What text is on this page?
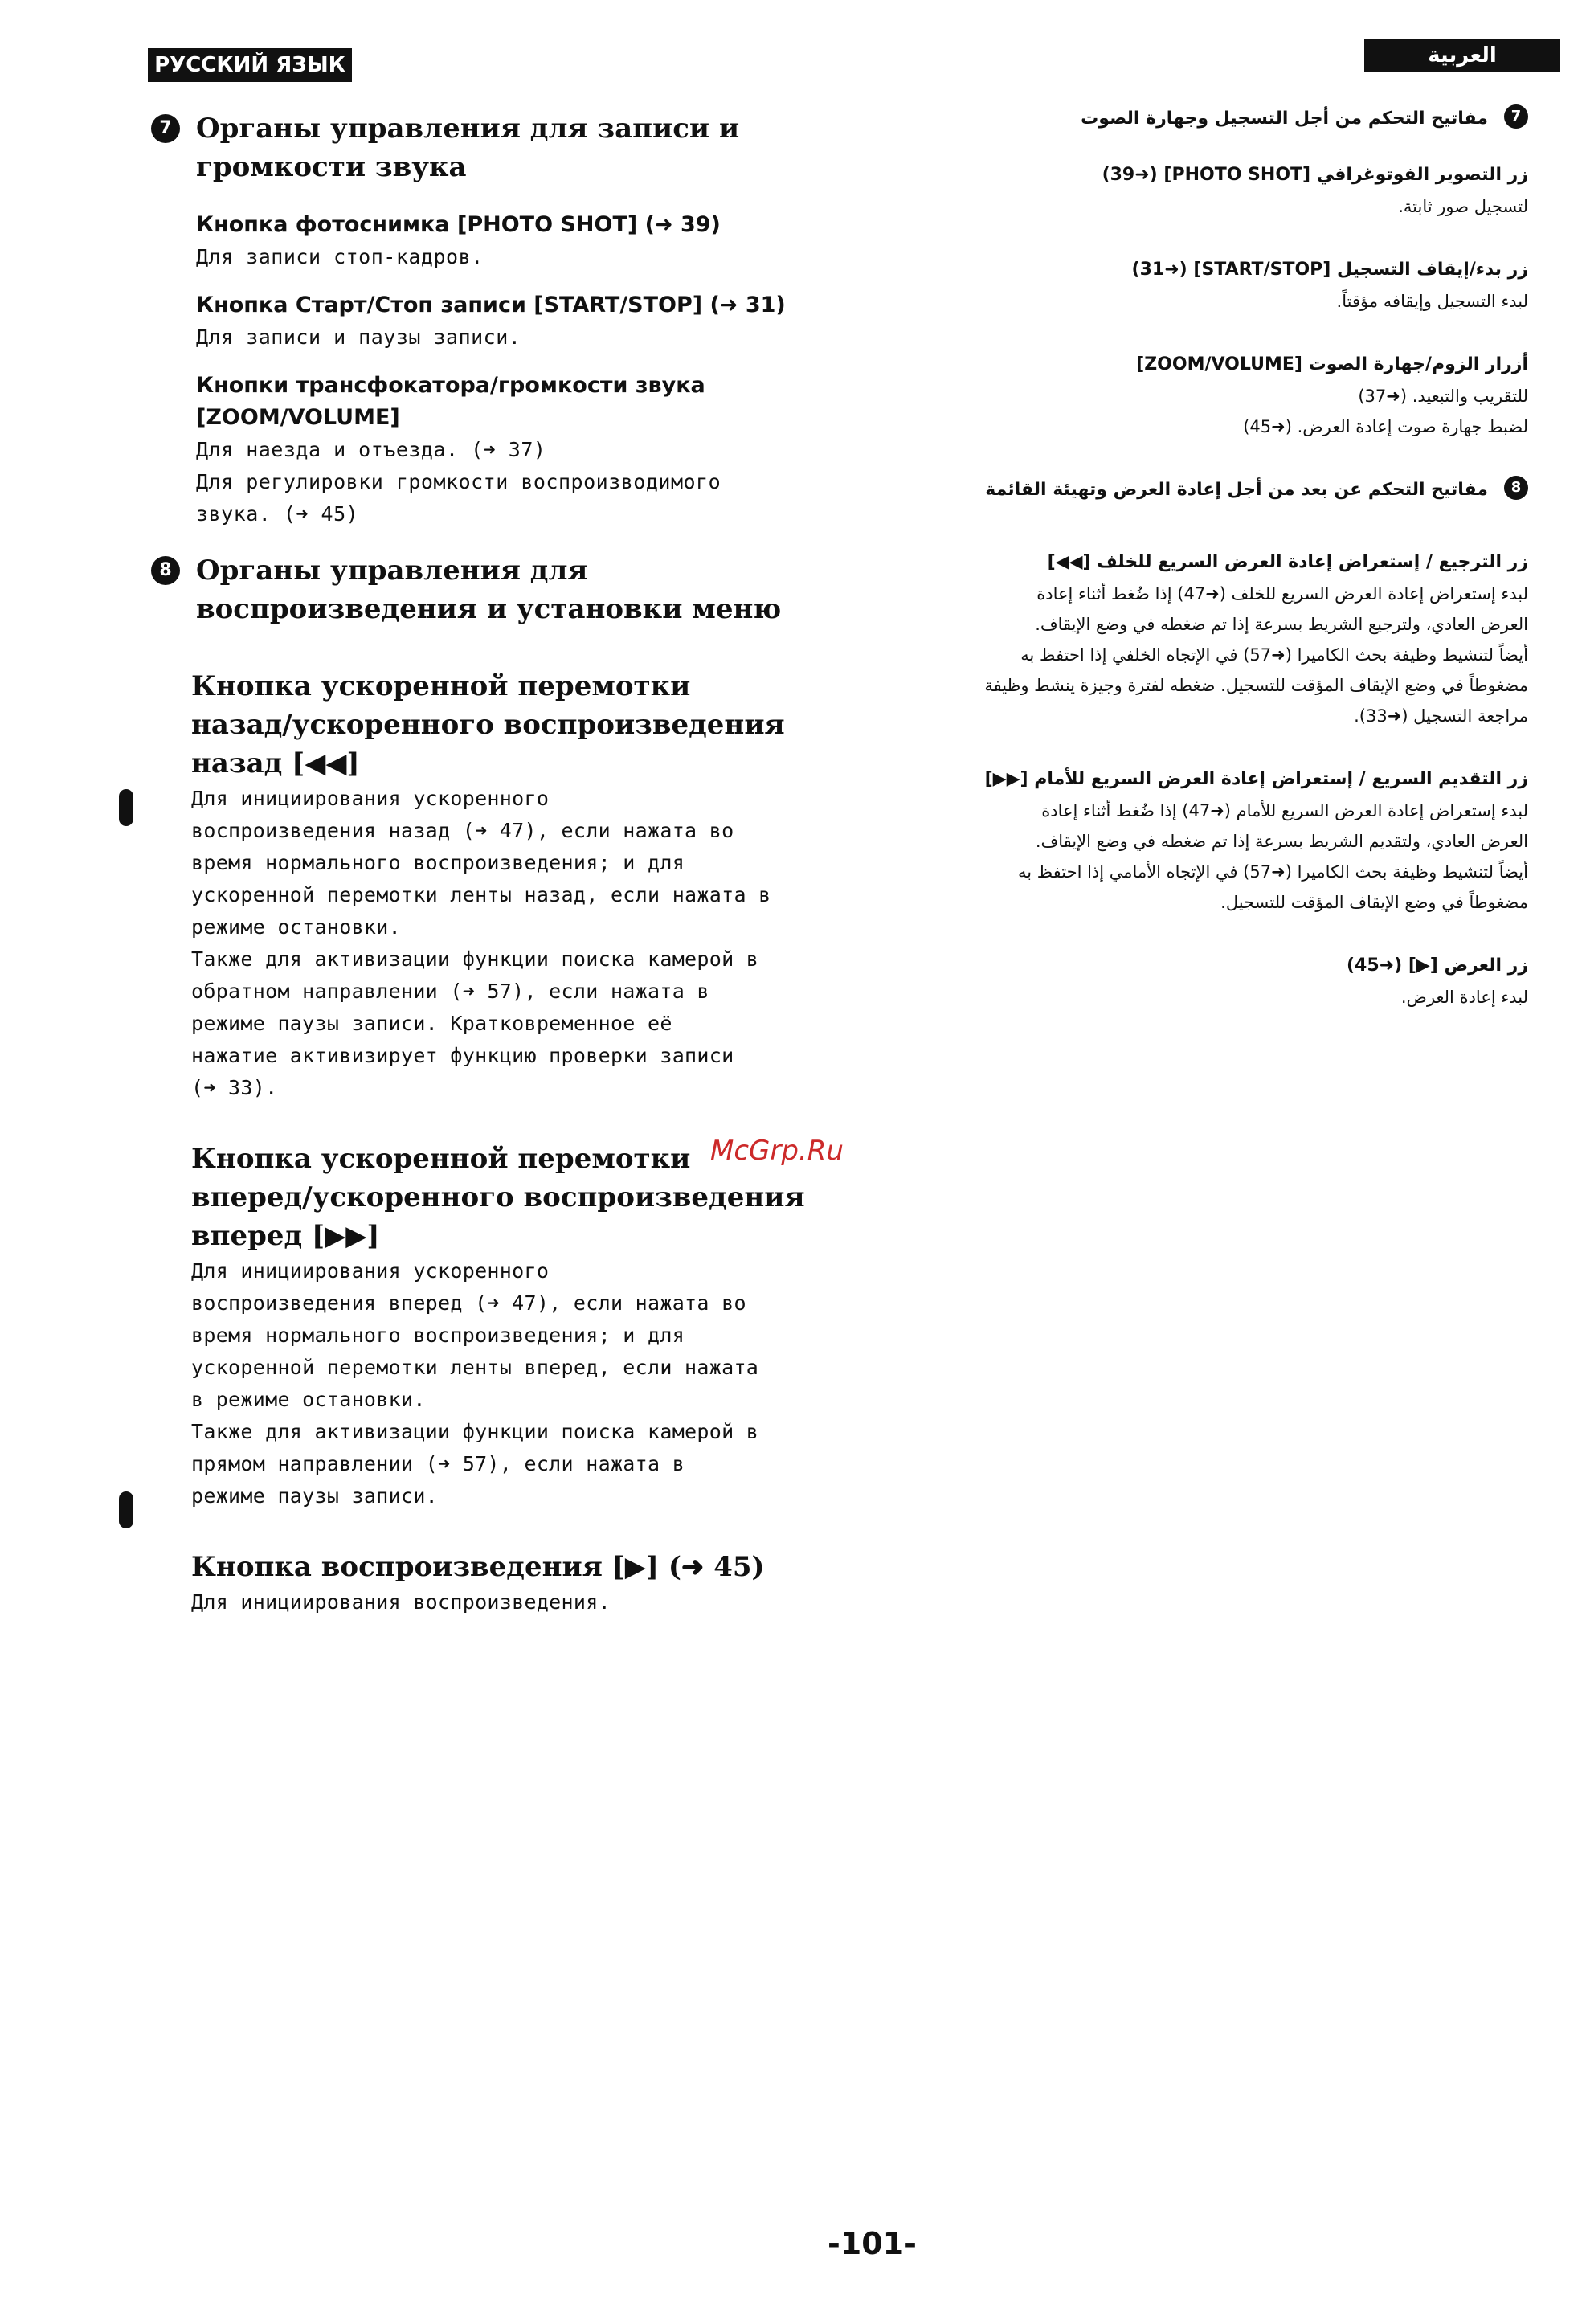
РУССКИЙ ЯЗЫК	العربية
7 Органы управления для записи и
громкости звука
Кнопка фотоснимка [PHOTO SHOT] (➜ 39)
Для записи стоп-кадров.
Кнопка Старт/Стоп записи [START/STOP] (➜ 31)
Для записи и паузы записи.
Кнопки трансфокатора/громкости звука
[ZOOM/VOLUME]
Для наезда и отъезда. (➜ 37)
Для регулировки громкости воспроизводимого
звука. (➜ 45)
8 Органы управления для
воспроизведения и установки меню
Кнопка ускоренной перемотки
назад/ускоренного воспроизведения
назад [◀◀]
Для инициирования ускоренного
воспроизведения назад (➜ 47), если нажата во
время нормального воспроизведения; и для
ускоренной перемотки ленты назад, если нажата в
режиме остановки.
Также для активизации функции поиска камерой в
обратном направлении (➜ 57), если нажата в
режиме паузы записи. Кратковременное её
нажатие активизирует функцию проверки записи
(➜ 33).
Кнопка ускоренной перемотки
вперед/ускоренного воспроизведения
вперед [▶▶]
Для инициирования ускоренного
воспроизведения вперед (➜ 47), если нажата во
время нормального воспроизведения; и для
ускоренной перемотки ленты вперед, если нажата
в режиме остановки.
Также для активизации функции поиска камерой в
прямом направлении (➜ 57), если нажата в
режиме паузы записи.
Кнопка воспроизведения [▶] (➜ 45)
Для инициирования воспроизведения.
7
مفاتيح التحكم من أجل التسجيل وجهارة الصوت
زر التصوير الفوتوغرافي [PHOTO SHOT] (➜39)
لتسجيل صور ثابتة.
زر بدء/إيقاف التسجيل [START/STOP] (➜31)
لبدء التسجيل وإيقافه مؤقتاً.
أزرار الزوم/جهارة الصوت [ZOOM/VOLUME]
للتقريب والتبعيد. (➜37)
لضبط جهارة صوت إعادة العرض. (➜45)
8
مفاتيح التحكم عن بعد من أجل إعادة العرض وتهيئة القائمة
زر الترجيع / إستعراض إعادة العرض السريع للخلف [◀◀]
لبدء إستعراض إعادة العرض السريع للخلف (➜47) إذا ضُغط أثناء إعادة
العرض العادي، ولترجيع الشريط بسرعة إذا تم ضغطه في وضع الإيقاف.
أيضاً لتنشيط وظيفة بحث الكاميرا (➜57) في الإتجاه الخلفي إذا احتفظ به
مضغوطاً في وضع الإيقاف المؤقت للتسجيل. ضغطه لفترة وجيزة ينشط وظيفة
مراجعة التسجيل (➜33).
زر التقديم السريع / إستعراض إعادة العرض السريع للأمام [▶▶]
لبدء إستعراض إعادة العرض السريع للأمام (➜47) إذا ضُغط أثناء إعادة
العرض العادي، ولتقديم الشريط بسرعة إذا تم ضغطه في وضع الإيقاف.
أيضاً لتنشيط وظيفة بحث الكاميرا (➜57) في الإتجاه الأمامي إذا احتفظ به
مضغوطاً في وضع الإيقاف المؤقت للتسجيل.
زر العرض [▶] (➜45)
لبدء إعادة العرض.
McGrp.Ru
-101-
